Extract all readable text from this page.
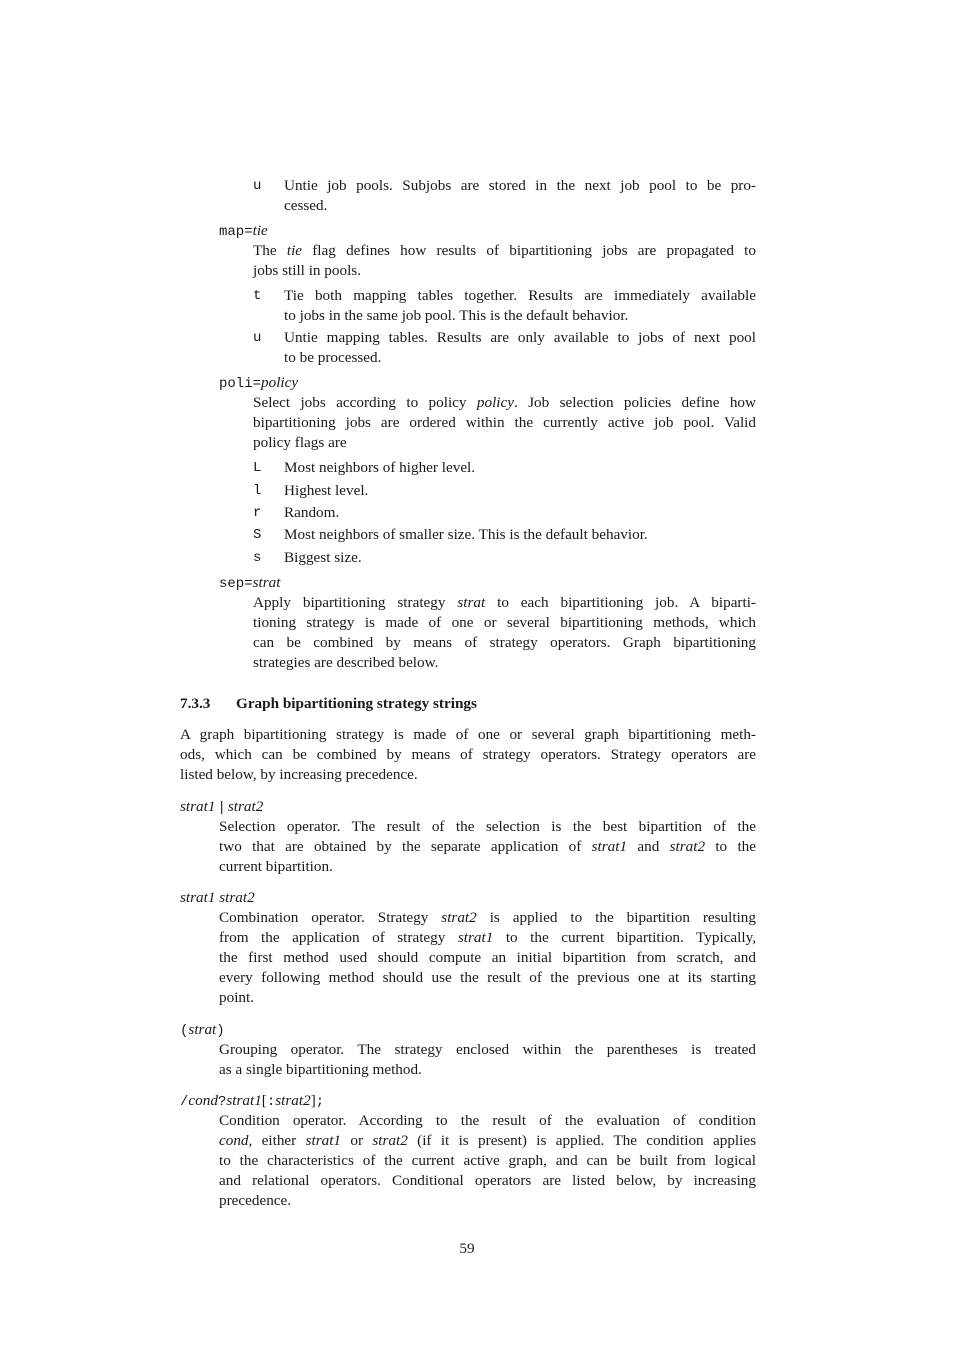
u Untie job pools. Subjobs are stored in the next job pool to be pro-
cessed.
map=tie
The tie flag defines how results of bipartitioning jobs are propagated to
jobs still in pools.
t Tie both mapping tables together. Results are immediately available
to jobs in the same job pool. This is the default behavior.
u Untie mapping tables. Results are only available to jobs of next pool
to be processed.
poli=policy
Select jobs according to policy policy. Job selection policies define how
bipartitioning jobs are ordered within the currently active job pool. Valid
policy flags are
L Most neighbors of higher level.
l Highest level.
r Random.
S Most neighbors of smaller size. This is the default behavior.
s Biggest size.
sep=strat
Apply bipartitioning strategy strat to each bipartitioning job. A biparti-
tioning strategy is made of one or several bipartitioning methods, which
can be combined by means of strategy operators. Graph bipartitioning
strategies are described below.
7.3.3 Graph bipartitioning strategy strings
A graph bipartitioning strategy is made of one or several graph bipartitioning meth-
ods, which can be combined by means of strategy operators. Strategy operators are
listed below, by increasing precedence.
strat1 | strat2
Selection operator. The result of the selection is the best bipartition of the
two that are obtained by the separate application of strat1 and strat2 to the
current bipartition.
strat1 strat2
Combination operator. Strategy strat2 is applied to the bipartition resulting
from the application of strategy strat1 to the current bipartition. Typically,
the first method used should compute an initial bipartition from scratch, and
every following method should use the result of the previous one at its starting
point.
(strat)
Grouping operator. The strategy enclosed within the parentheses is treated
as a single bipartitioning method.
/cond?strat1[:strat2];
Condition operator. According to the result of the evaluation of condition
cond, either strat1 or strat2 (if it is present) is applied. The condition applies
to the characteristics of the current active graph, and can be built from logical
and relational operators. Conditional operators are listed below, by increasing
precedence.
59
